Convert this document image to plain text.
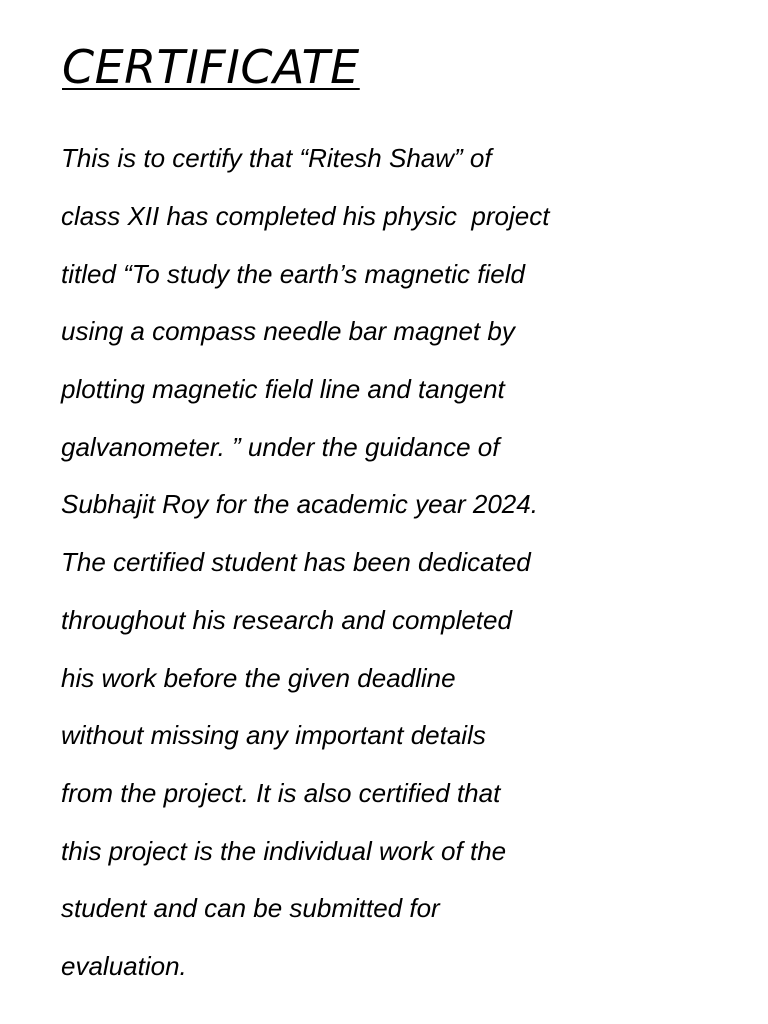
CERTIFICATE
This is to certify that “Ritesh Shaw” of
class XII has completed his physic  project
titled “To study the earth’s magnetic field
using a compass needle bar magnet by
plotting magnetic field line and tangent
galvanometer. ” under the guidance of
Subhajit Roy for the academic year 2024.
The certified student has been dedicated
throughout his research and completed
his work before the given deadline
without missing any important details
from the project. It is also certified that
this project is the individual work of the
student and can be submitted for
evaluation.
